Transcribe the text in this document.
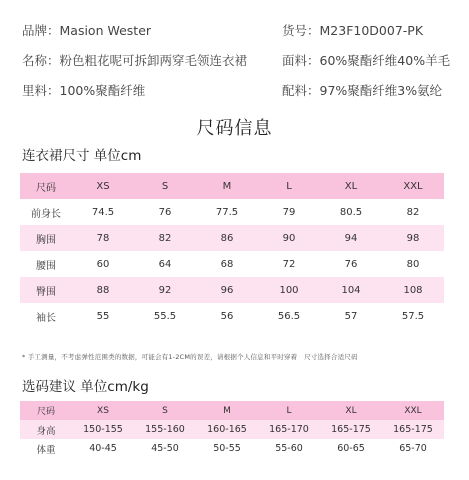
品牌：Masion Wester	货号：M23F10D007-PK
名称：粉色粗花呢可拆卸两穿毛领连衣裙	面料：60%聚酯纤维40%羊毛
里料：100%聚酯纤维	配料：97%聚酯纤维3%氨纶
尺码信息
连衣裙尺寸 单位cm
尺码	XS	S	M	L	XL	XXL
前身长	74.5	76	77.5	79	80.5	82
胸围	78	82	86	90	94	98
腰围	60	64	68	72	76	80
臀围	88	92	96	100	104	108
袖长	55	55.5	56	56.5	57	57.5
* 手工测量，不考虑弹性范围类的数据，可能会有1-2CM的误差，请根据个人信息和平时穿着　尺寸选择合适尺码
选码建议 单位cm/kg
尺码	XS	S	M	L	XL	XXL
身高	150-155	155-160	160-165	165-170	165-175	165-175
体重	40-45	45-50	50-55	55-60	60-65	65-70
